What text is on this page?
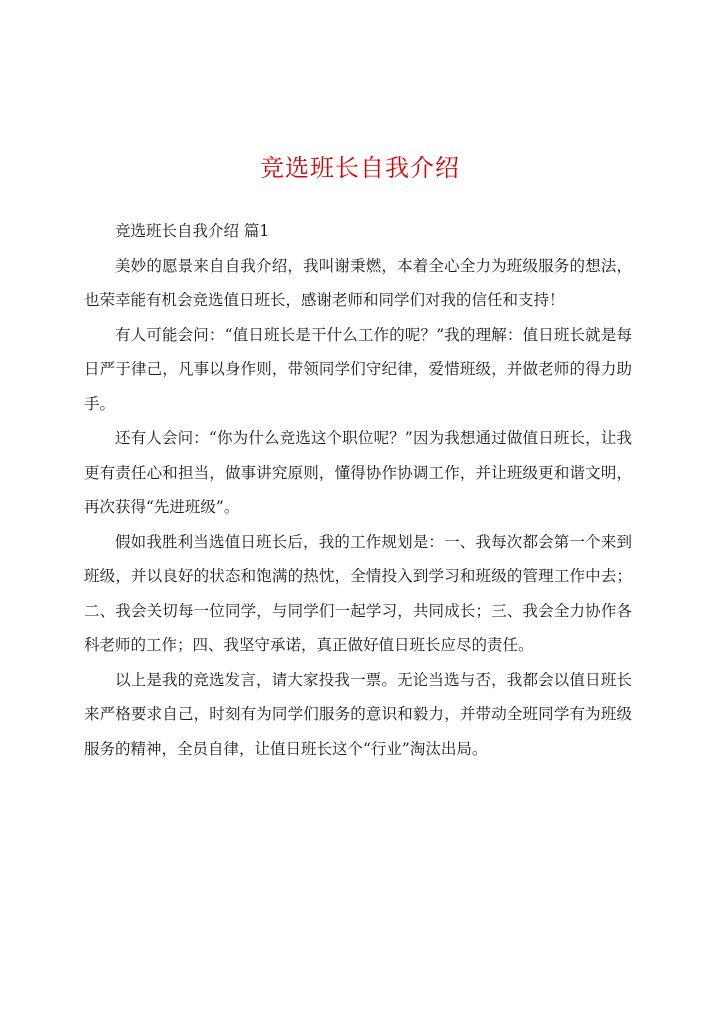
竞选班长自我介绍

竞选班长自我介绍 篇1

美妙的愿景来自自我介绍，我叫谢秉燃，本着全心全力为班级服务的想法，也荣幸能有机会竞选值日班长，感谢老师和同学们对我的信任和支持！

有人可能会问：“值日班长是干什么工作的呢？”我的理解：值日班长就是每日严于律己，凡事以身作则，带领同学们守纪律，爱惜班级，并做老师的得力助手。

还有人会问：“你为什么竞选这个职位呢？”因为我想通过做值日班长，让我更有责任心和担当，做事讲究原则，懂得协作协调工作，并让班级更和谐文明，再次获得“先进班级”。

假如我胜利当选值日班长后，我的工作规划是：一、我每次都会第一个来到班级，并以良好的状态和饱满的热忱，全情投入到学习和班级的管理工作中去；二、我会关切每一位同学，与同学们一起学习，共同成长；三、我会全力协作各科老师的工作；四、我坚守承诺，真正做好值日班长应尽的责任。

以上是我的竞选发言，请大家投我一票。无论当选与否，我都会以值日班长来严格要求自己，时刻有为同学们服务的意识和毅力，并带动全班同学有为班级服务的精神，全员自律，让值日班长这个“行业”淘汰出局。
